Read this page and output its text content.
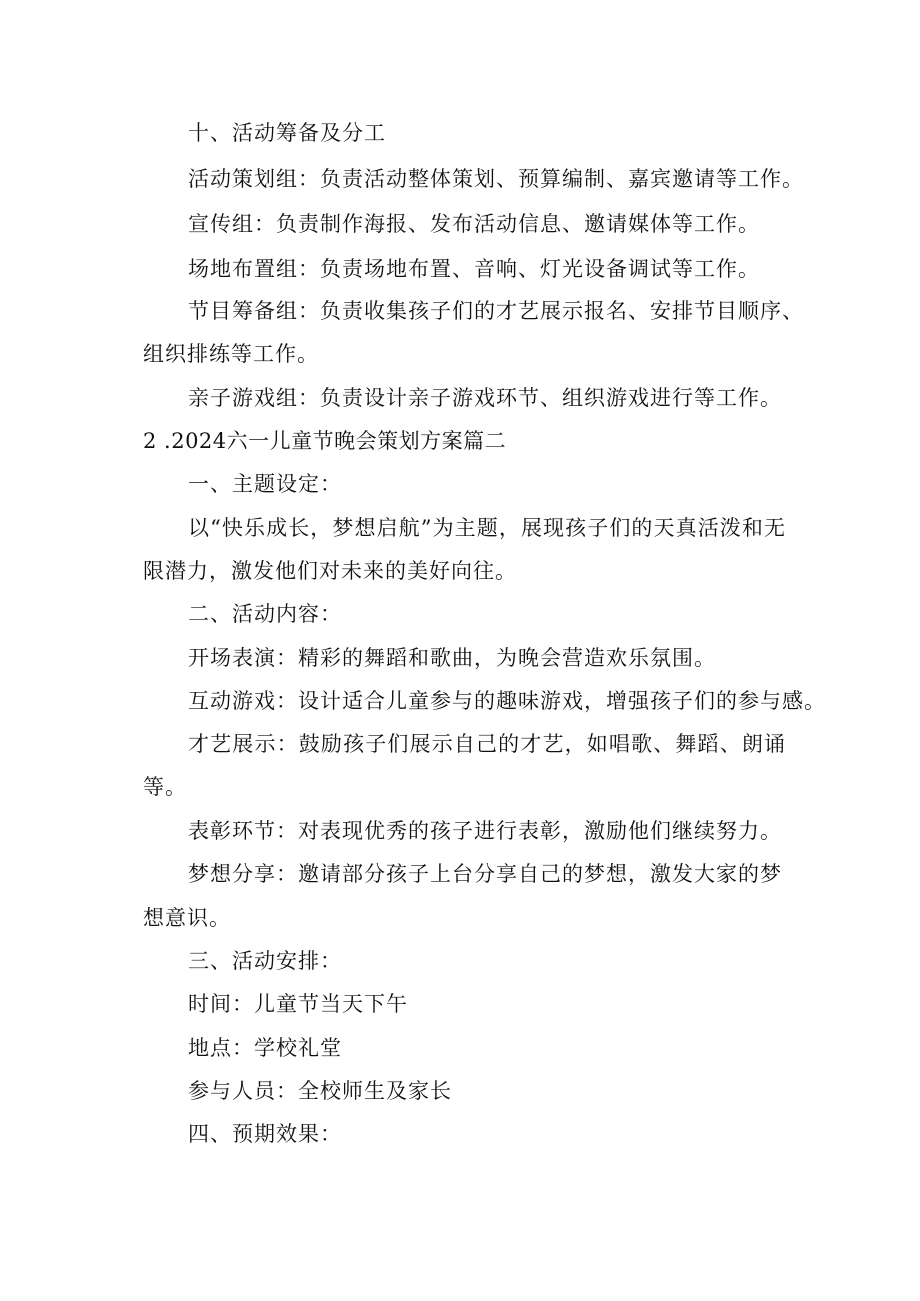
十、活动筹备及分工
活动策划组：负责活动整体策划、预算编制、嘉宾邀请等工作。
宣传组：负责制作海报、发布活动信息、邀请媒体等工作。
场地布置组：负责场地布置、音响、灯光设备调试等工作。
节目筹备组：负责收集孩子们的才艺展示报名、安排节目顺序、
组织排练等工作。
亲子游戏组：负责设计亲子游戏环节、组织游戏进行等工作。
2 .2024六一儿童节晚会策划方案篇二
一、主题设定：
以“快乐成长，梦想启航”为主题，展现孩子们的天真活泼和无
限潜力，激发他们对未来的美好向往。
二、活动内容：
开场表演：精彩的舞蹈和歌曲，为晚会营造欢乐氛围。
互动游戏：设计适合儿童参与的趣味游戏，增强孩子们的参与感。
才艺展示：鼓励孩子们展示自己的才艺，如唱歌、舞蹈、朗诵
等。
表彰环节：对表现优秀的孩子进行表彰，激励他们继续努力。
梦想分享：邀请部分孩子上台分享自己的梦想，激发大家的梦
想意识。
三、活动安排：
时间：儿童节当天下午
地点：学校礼堂
参与人员：全校师生及家长
四、预期效果：
